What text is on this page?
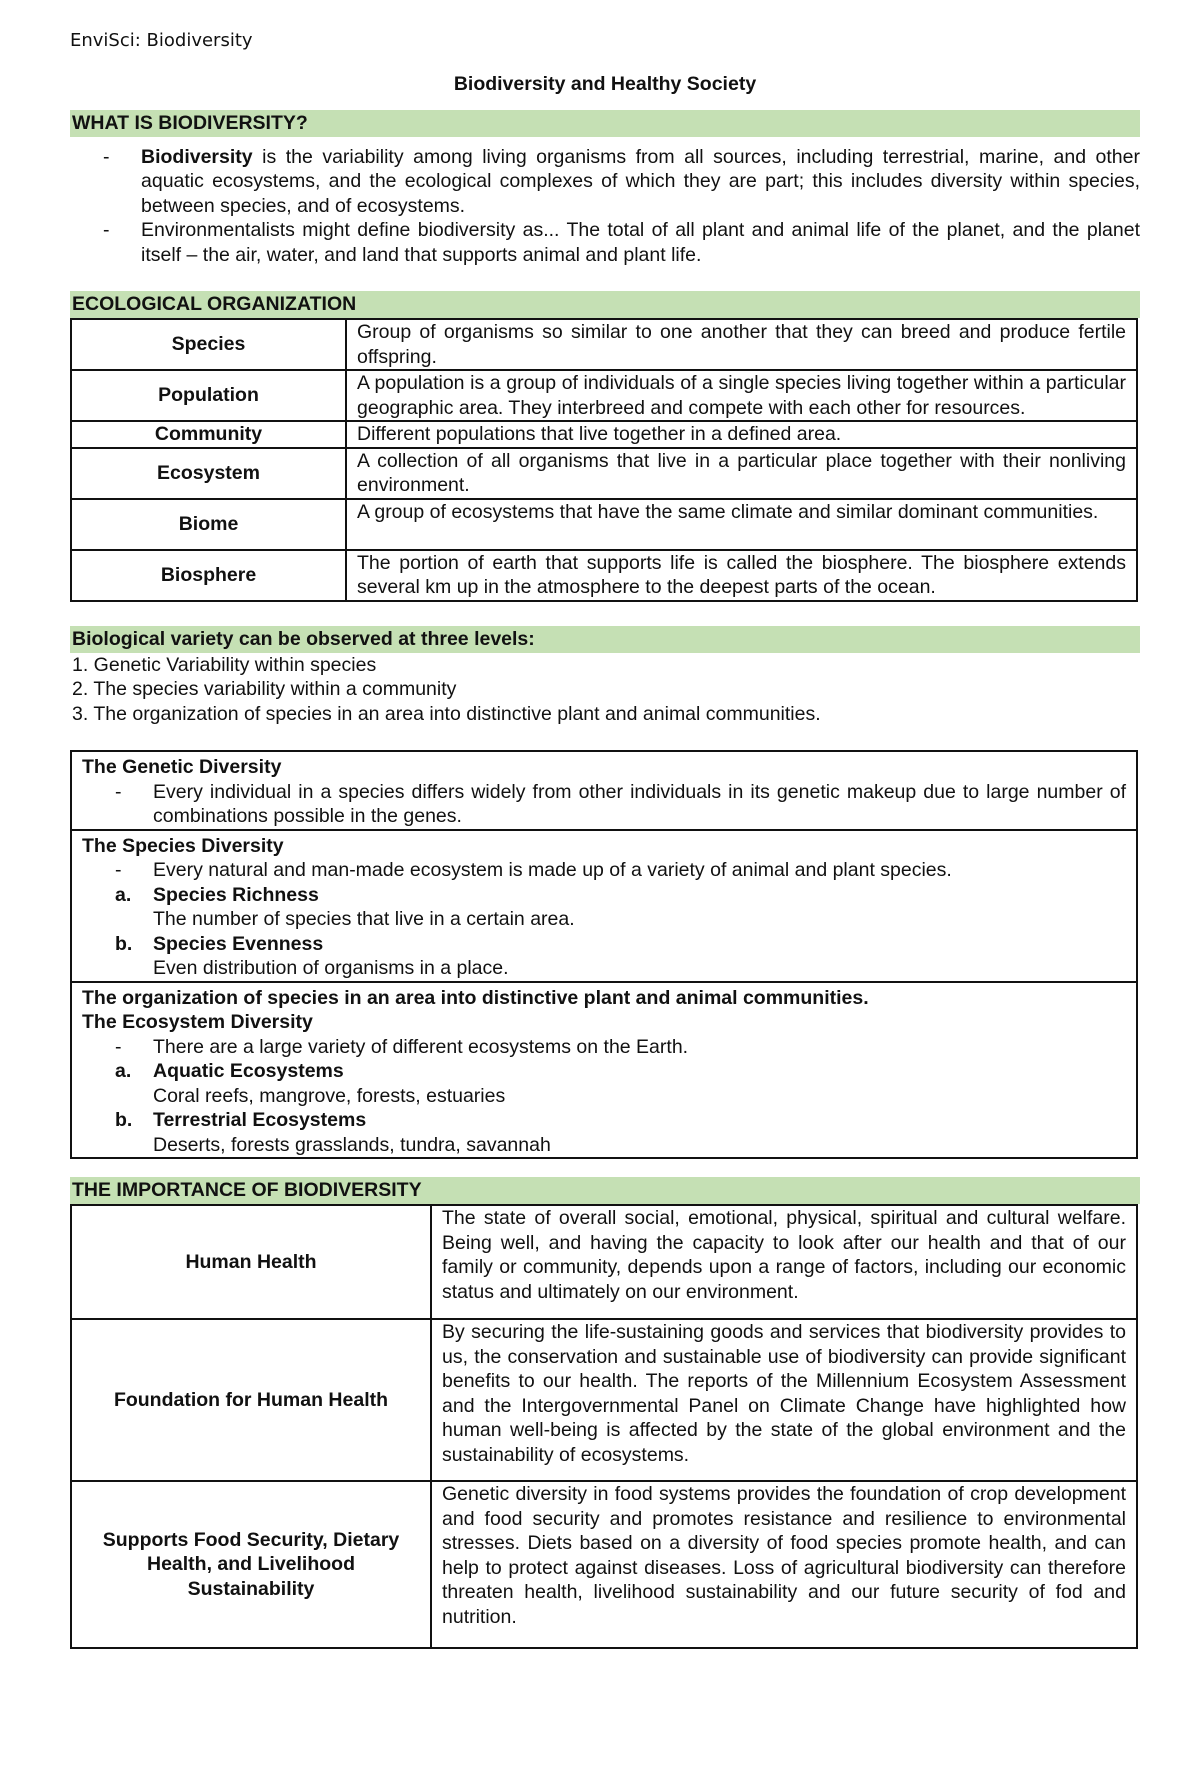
EnviSci: Biodiversity
Biodiversity and Healthy Society
WHAT IS BIODIVERSITY?
- Biodiversity is the variability among living organisms from all sources, including terrestrial, marine, and other aquatic ecosystems, and the ecological complexes of which they are part; this includes diversity within species, between species, and of ecosystems.
- Environmentalists might define biodiversity as... The total of all plant and animal life of the planet, and the planet itself – the air, water, and land that supports animal and plant life.
ECOLOGICAL ORGANIZATION
Species	Group of organisms so similar to one another that they can breed and produce fertile offspring.
Population	A population is a group of individuals of a single species living together within a particular geographic area. They interbreed and compete with each other for resources.
Community	Different populations that live together in a defined area.
Ecosystem	A collection of all organisms that live in a particular place together with their nonliving environment.
Biome	A group of ecosystems that have the same climate and similar dominant communities.
Biosphere	The portion of earth that supports life is called the biosphere. The biosphere extends several km up in the atmosphere to the deepest parts of the ocean.
Biological variety can be observed at three levels:
1. Genetic Variability within species
2. The species variability within a community
3. The organization of species in an area into distinctive plant and animal communities.
The Genetic Diversity
- Every individual in a species differs widely from other individuals in its genetic makeup due to large number of combinations possible in the genes.

The Species Diversity
- Every natural and man-made ecosystem is made up of a variety of animal and plant species.
a. Species Richness
The number of species that live in a certain area.
b. Species Evenness
Even distribution of organisms in a place.

The organization of species in an area into distinctive plant and animal communities.
The Ecosystem Diversity
- There are a large variety of different ecosystems on the Earth.
a. Aquatic Ecosystems
Coral reefs, mangrove, forests, estuaries
b. Terrestrial Ecosystems
Deserts, forests grasslands, tundra, savannah
THE IMPORTANCE OF BIODIVERSITY
Human Health	The state of overall social, emotional, physical, spiritual and cultural welfare. Being well, and having the capacity to look after our health and that of our family or community, depends upon a range of factors, including our economic status and ultimately on our environment.
Foundation for Human Health	By securing the life-sustaining goods and services that biodiversity provides to us, the conservation and sustainable use of biodiversity can provide significant benefits to our health. The reports of the Millennium Ecosystem Assessment and the Intergovernmental Panel on Climate Change have highlighted how human well-being is affected by the state of the global environment and the sustainability of ecosystems.
Supports Food Security, Dietary Health, and Livelihood Sustainability	Genetic diversity in food systems provides the foundation of crop development and food security and promotes resistance and resilience to environmental stresses. Diets based on a diversity of food species promote health, and can help to protect against diseases. Loss of agricultural biodiversity can therefore threaten health, livelihood sustainability and our future security of fod and nutrition.
